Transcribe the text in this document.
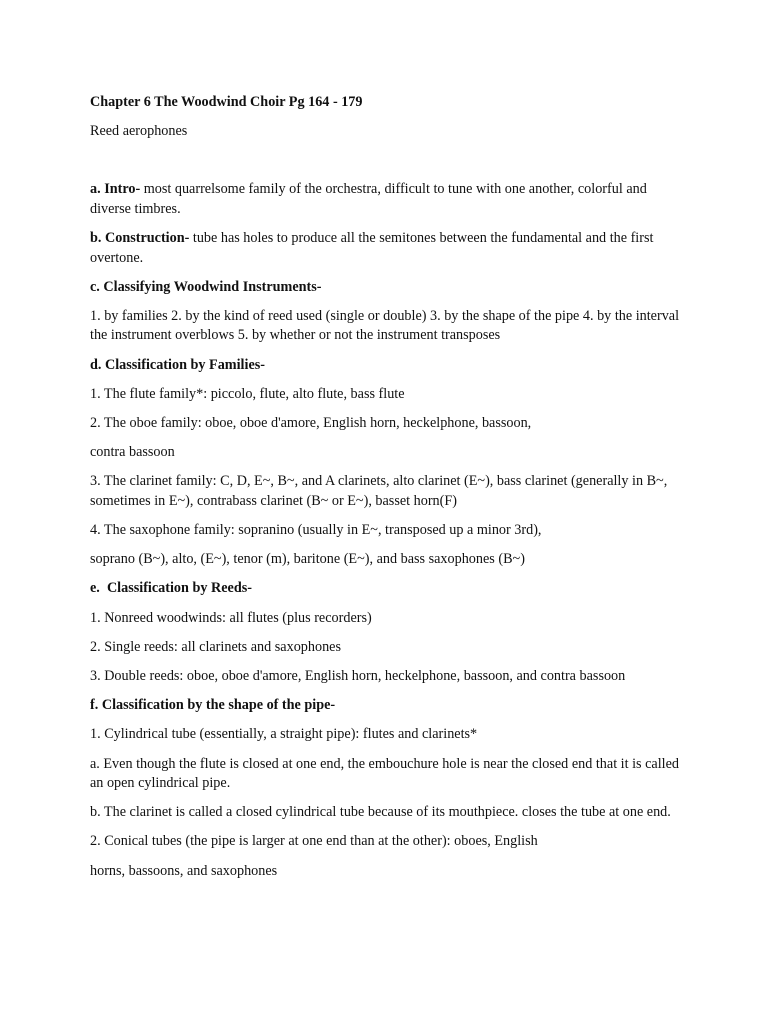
Chapter 6 The Woodwind Choir Pg 164 - 179

Reed aerophones

a. Intro- most quarrelsome family of the orchestra, difficult to tune with one another, colorful and diverse timbres.

b. Construction- tube has holes to produce all the semitones between the fundamental and the first overtone.

c. Classifying Woodwind Instruments-

1. by families 2. by the kind of reed used (single or double) 3. by the shape of the pipe 4. by the interval the instrument overblows 5. by whether or not the instrument transposes

d. Classification by Families-

1. The flute family*: piccolo, flute, alto flute, bass flute

2. The oboe family: oboe, oboe d'amore, English horn, heckelphone, bassoon,

contra bassoon

3. The clarinet family: C, D, E~, B~, and A clarinets, alto clarinet (E~), bass clarinet (generally in B~, sometimes in E~), contrabass clarinet (B~ or E~), basset horn(F)

4. The saxophone family: sopranino (usually in E~, transposed up a minor 3rd),

soprano (B~), alto, (E~), tenor (m), baritone (E~), and bass saxophones (B~)

e.  Classification by Reeds-

1. Nonreed woodwinds: all flutes (plus recorders)

2. Single reeds: all clarinets and saxophones

3. Double reeds: oboe, oboe d'amore, English horn, heckelphone, bassoon, and contra bassoon

f. Classification by the shape of the pipe-

1. Cylindrical tube (essentially, a straight pipe): flutes and clarinets*

a. Even though the flute is closed at one end, the embouchure hole is near the closed end that it is called an open cylindrical pipe.

b. The clarinet is called a closed cylindrical tube because of its mouthpiece. closes the tube at one end.

2. Conical tubes (the pipe is larger at one end than at the other): oboes, English

horns, bassoons, and saxophones
